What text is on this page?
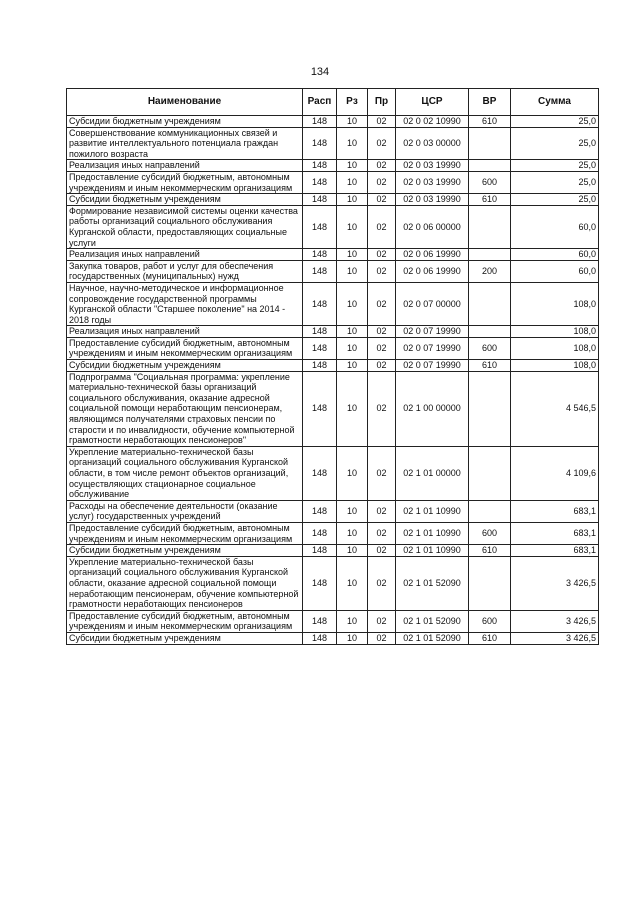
134
Наименование	Расп	Рз	Пр	ЦСР	ВР	Сумма
Субсидии бюджетным учреждениям	148	10	02	02 0 02 10990	610	25,0
Совершенствование коммуникационных связей и развитие интеллектуального потенциала граждан пожилого возраста	148	10	02	02 0 03 00000		25,0
Реализация иных направлений	148	10	02	02 0 03 19990		25,0
Предоставление субсидий бюджетным, автономным учреждениям и иным некоммерческим организациям	148	10	02	02 0 03 19990	600	25,0
Субсидии бюджетным учреждениям	148	10	02	02 0 03 19990	610	25,0
Формирование независимой системы оценки качества работы организаций социального обслуживания Курганской области, предоставляющих социальные услуги	148	10	02	02 0 06 00000		60,0
Реализация иных направлений	148	10	02	02 0 06 19990		60,0
Закупка товаров, работ и услуг для обеспечения государственных (муниципальных) нужд	148	10	02	02 0 06 19990	200	60,0
Научное, научно-методическое и информационное сопровождение государственной программы Курганской области "Старшее поколение" на 2014 - 2018 годы	148	10	02	02 0 07 00000		108,0
Реализация иных направлений	148	10	02	02 0 07 19990		108,0
Предоставление субсидий бюджетным, автономным учреждениям и иным некоммерческим организациям	148	10	02	02 0 07 19990	600	108,0
Субсидии бюджетным учреждениям	148	10	02	02 0 07 19990	610	108,0
Подпрограмма "Социальная программа: укрепление материально-технической базы организаций социального обслуживания, оказание адресной социальной помощи неработающим пенсионерам, являющимся получателями страховых пенсии по старости и по инвалидности, обучение компьютерной грамотности неработающих пенсионеров"	148	10	02	02 1 00 00000		4 546,5
Укрепление материально-технической базы организаций социального обслуживания Курганской области, в том числе ремонт объектов организаций, осуществляющих стационарное социальное обслуживание	148	10	02	02 1 01 00000		4 109,6
Расходы на обеспечение деятельности (оказание услуг) государственных учреждений	148	10	02	02 1 01 10990		683,1
Предоставление субсидий бюджетным, автономным учреждениям и иным некоммерческим организациям	148	10	02	02 1 01 10990	600	683,1
Субсидии бюджетным учреждениям	148	10	02	02 1 01 10990	610	683,1
Укрепление материально-технической базы организаций социального обслуживания Курганской области, оказание адресной социальной помощи неработающим пенсионерам, обучение компьютерной грамотности неработающих пенсионеров	148	10	02	02 1 01 52090		3 426,5
Предоставление субсидий бюджетным, автономным учреждениям и иным некоммерческим организациям	148	10	02	02 1 01 52090	600	3 426,5
Субсидии бюджетным учреждениям	148	10	02	02 1 01 52090	610	3 426,5
